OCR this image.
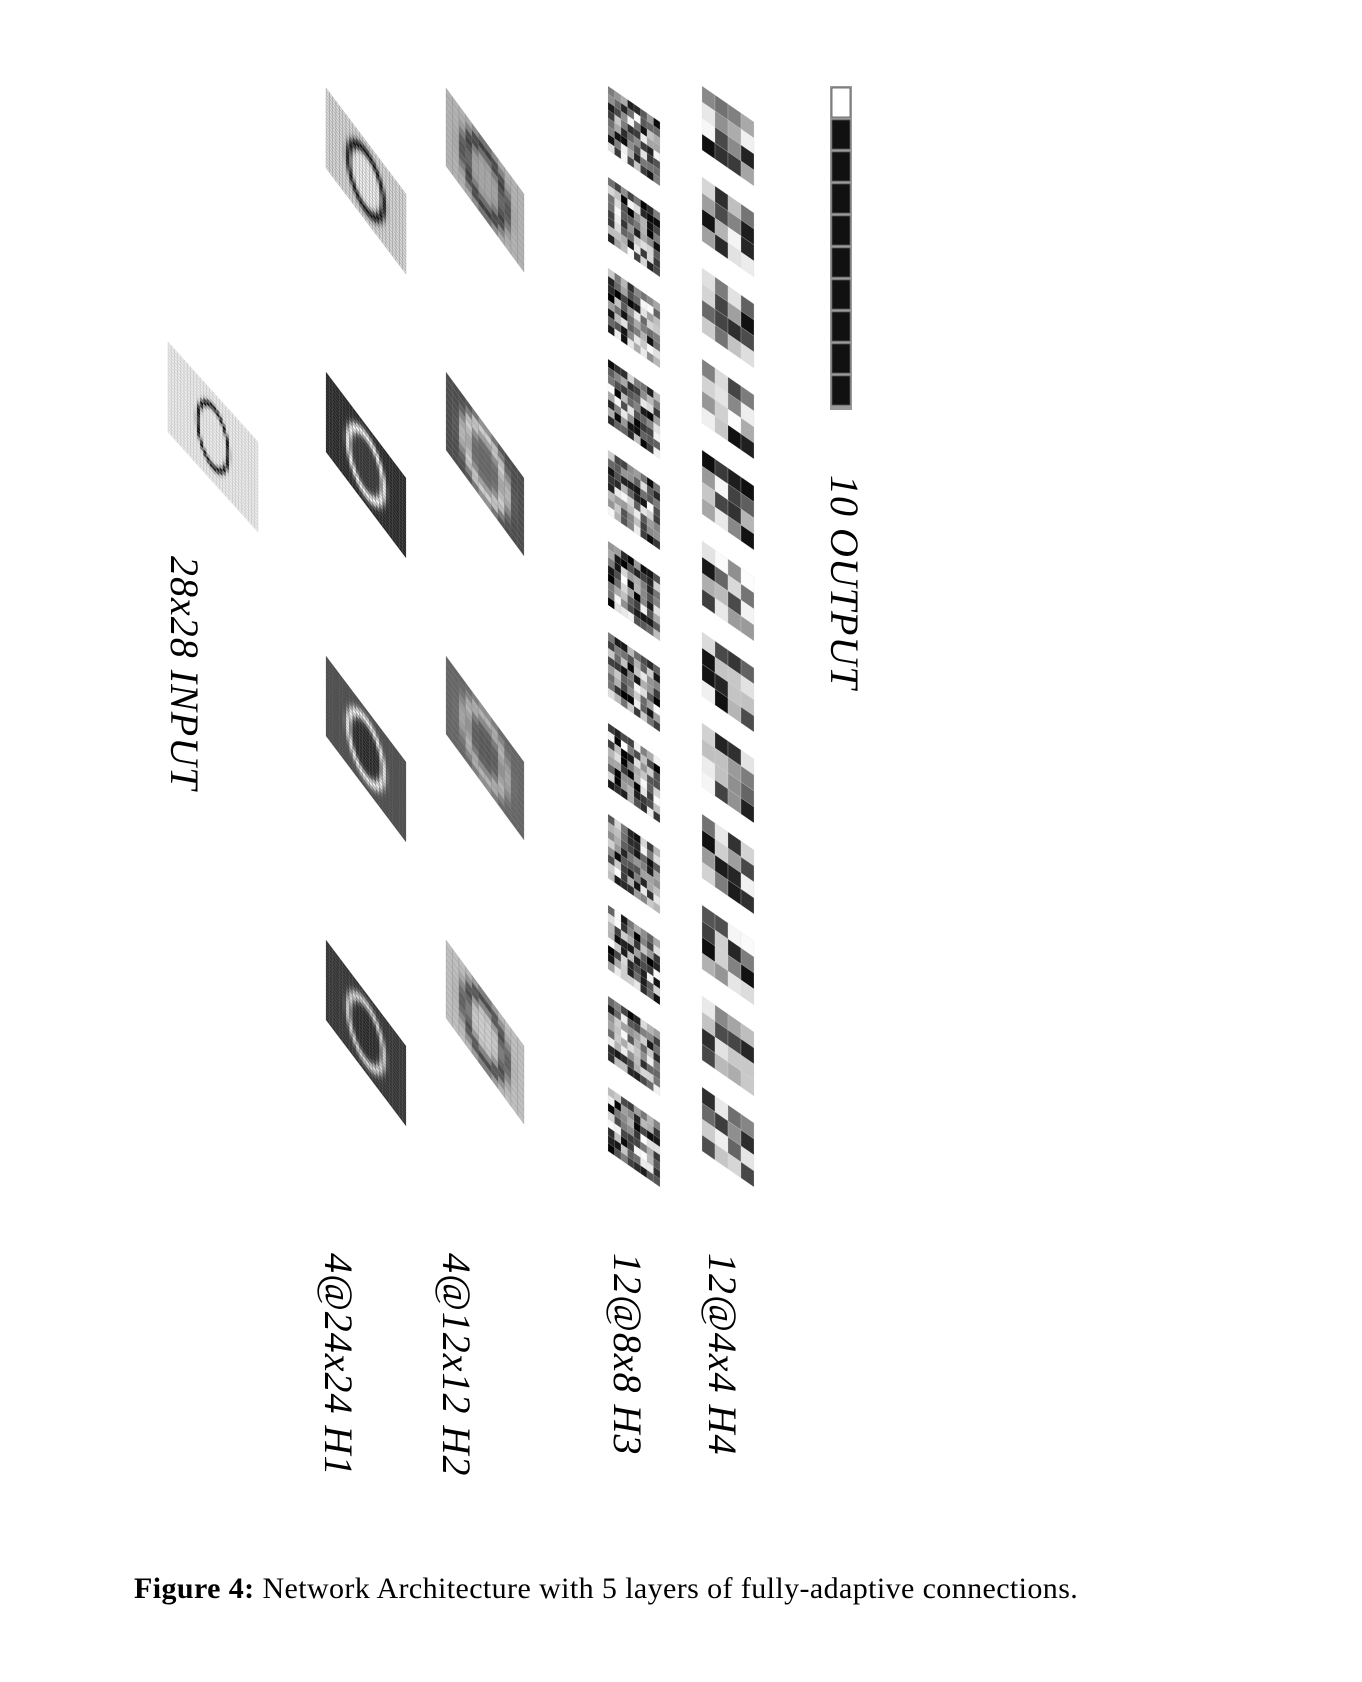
28x28 INPUT
4@24x24 H1 4@12x12 H2	12@8x8 H3 12@4x4 H4
10 OUTPUT
Figure 4: Network Architecture with 5 layers of fully-adaptive connections.
